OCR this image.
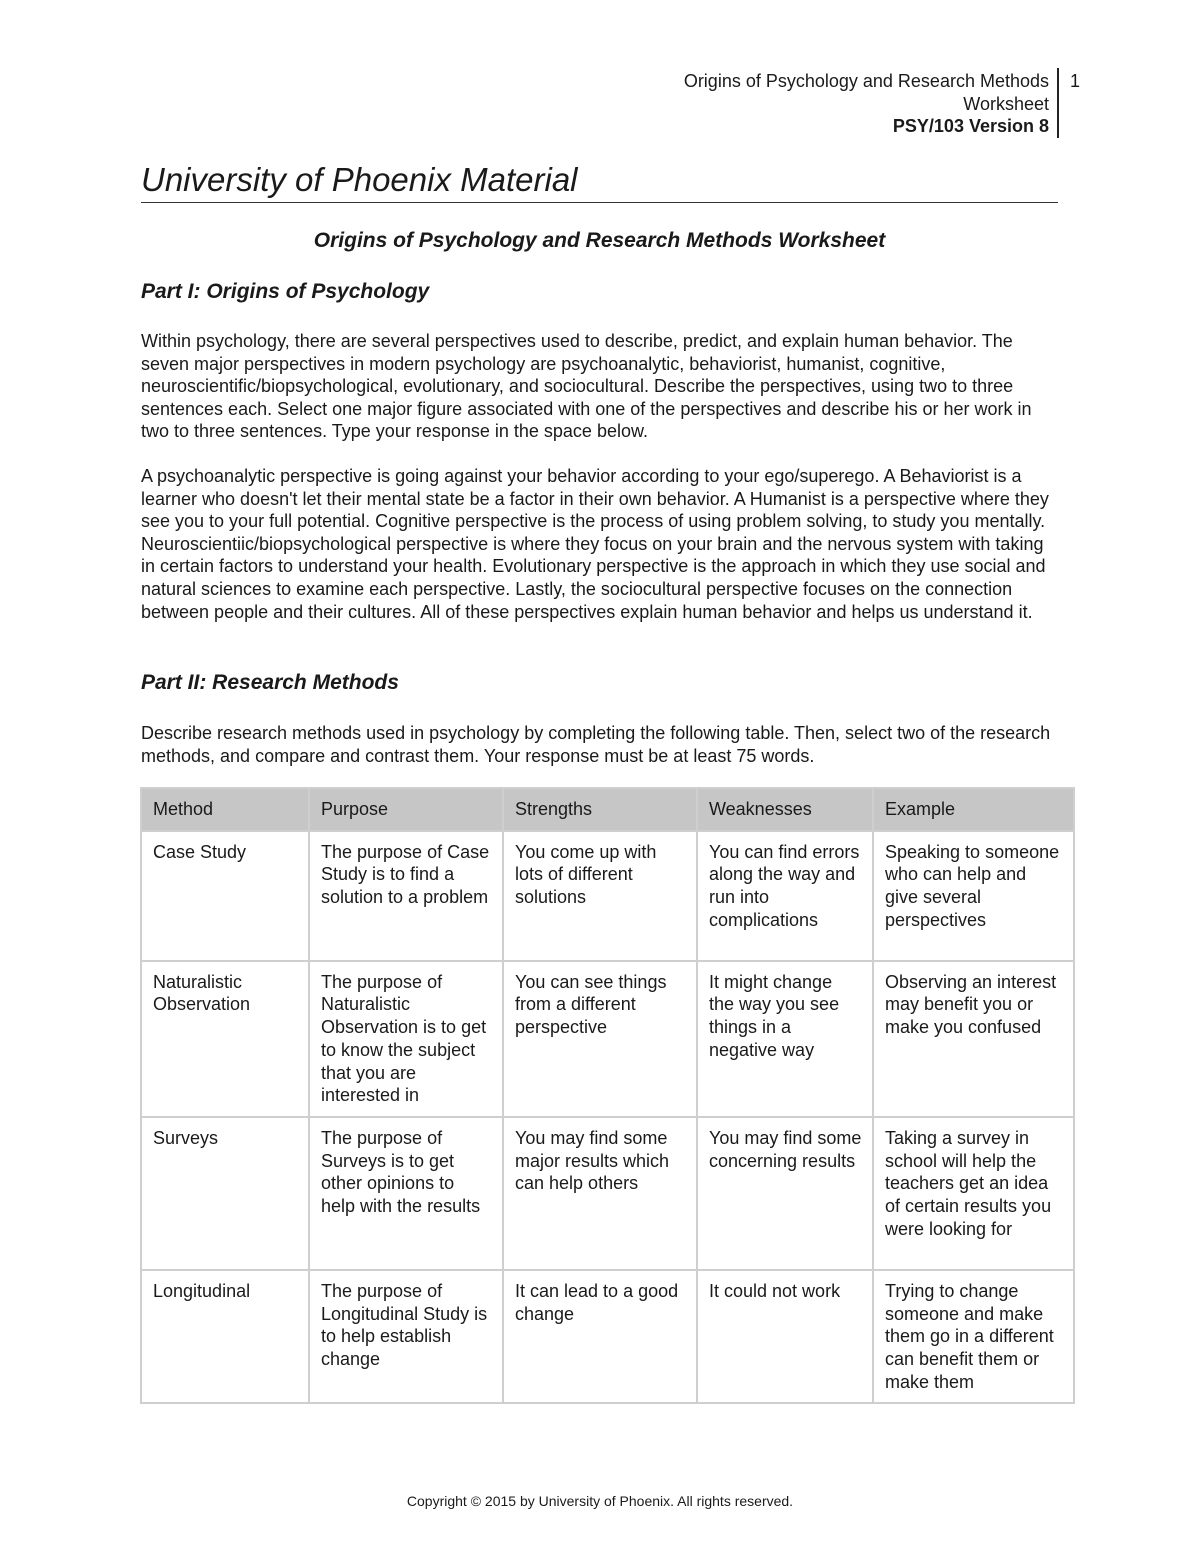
Origins of Psychology and Research Methods
Worksheet
PSY/103 Version 8
1
University of Phoenix Material
Origins of Psychology and Research Methods Worksheet
Part I: Origins of Psychology

Within psychology, there are several perspectives used to describe, predict, and explain human behavior. The seven major perspectives in modern psychology are psychoanalytic, behaviorist, humanist, cognitive, neuroscientific/biopsychological, evolutionary, and sociocultural. Describe the perspectives, using two to three sentences each. Select one major figure associated with one of the perspectives and describe his or her work in two to three sentences. Type your response in the space below.

A psychoanalytic perspective is going against your behavior according to your ego/superego. A Behaviorist is a learner who doesn't let their mental state be a factor in their own behavior. A Humanist is a perspective where they see you to your full potential. Cognitive perspective is the process of using problem solving, to study you mentally. Neuroscientiic/biopsychological perspective is where they focus on your brain and the nervous system with taking in certain factors to understand your health. Evolutionary perspective is the approach in which they use social and natural sciences to examine each perspective. Lastly, the sociocultural perspective focuses on the connection between people and their cultures. All of these perspectives explain human behavior and helps us understand it.

Part II: Research Methods

Describe research methods used in psychology by completing the following table. Then, select two of the research methods, and compare and contrast them. Your response must be at least 75 words.

Method	Purpose	Strengths	Weaknesses	Example
Case Study	The purpose of Case Study is to find a solution to a problem	You come up with lots of different solutions	You can find errors along the way and run into complications	Speaking to someone who can help and give several perspectives
Naturalistic Observation	The purpose of Naturalistic Observation is to get to know the subject that you are interested in	You can see things from a different perspective	It might change the way you see things in a negative way	Observing an interest may benefit you or make you confused
Surveys	The purpose of Surveys is to get other opinions to help with the results	You may find some major results which can help others	You may find some concerning results	Taking a survey in school will help the teachers get an idea of certain results you were looking for
Longitudinal	The purpose of Longitudinal Study is to help establish change	It can lead to a good change	It could not work	Trying to change someone and make them go in a different can benefit them or make them
Copyright © 2015 by University of Phoenix. All rights reserved.
